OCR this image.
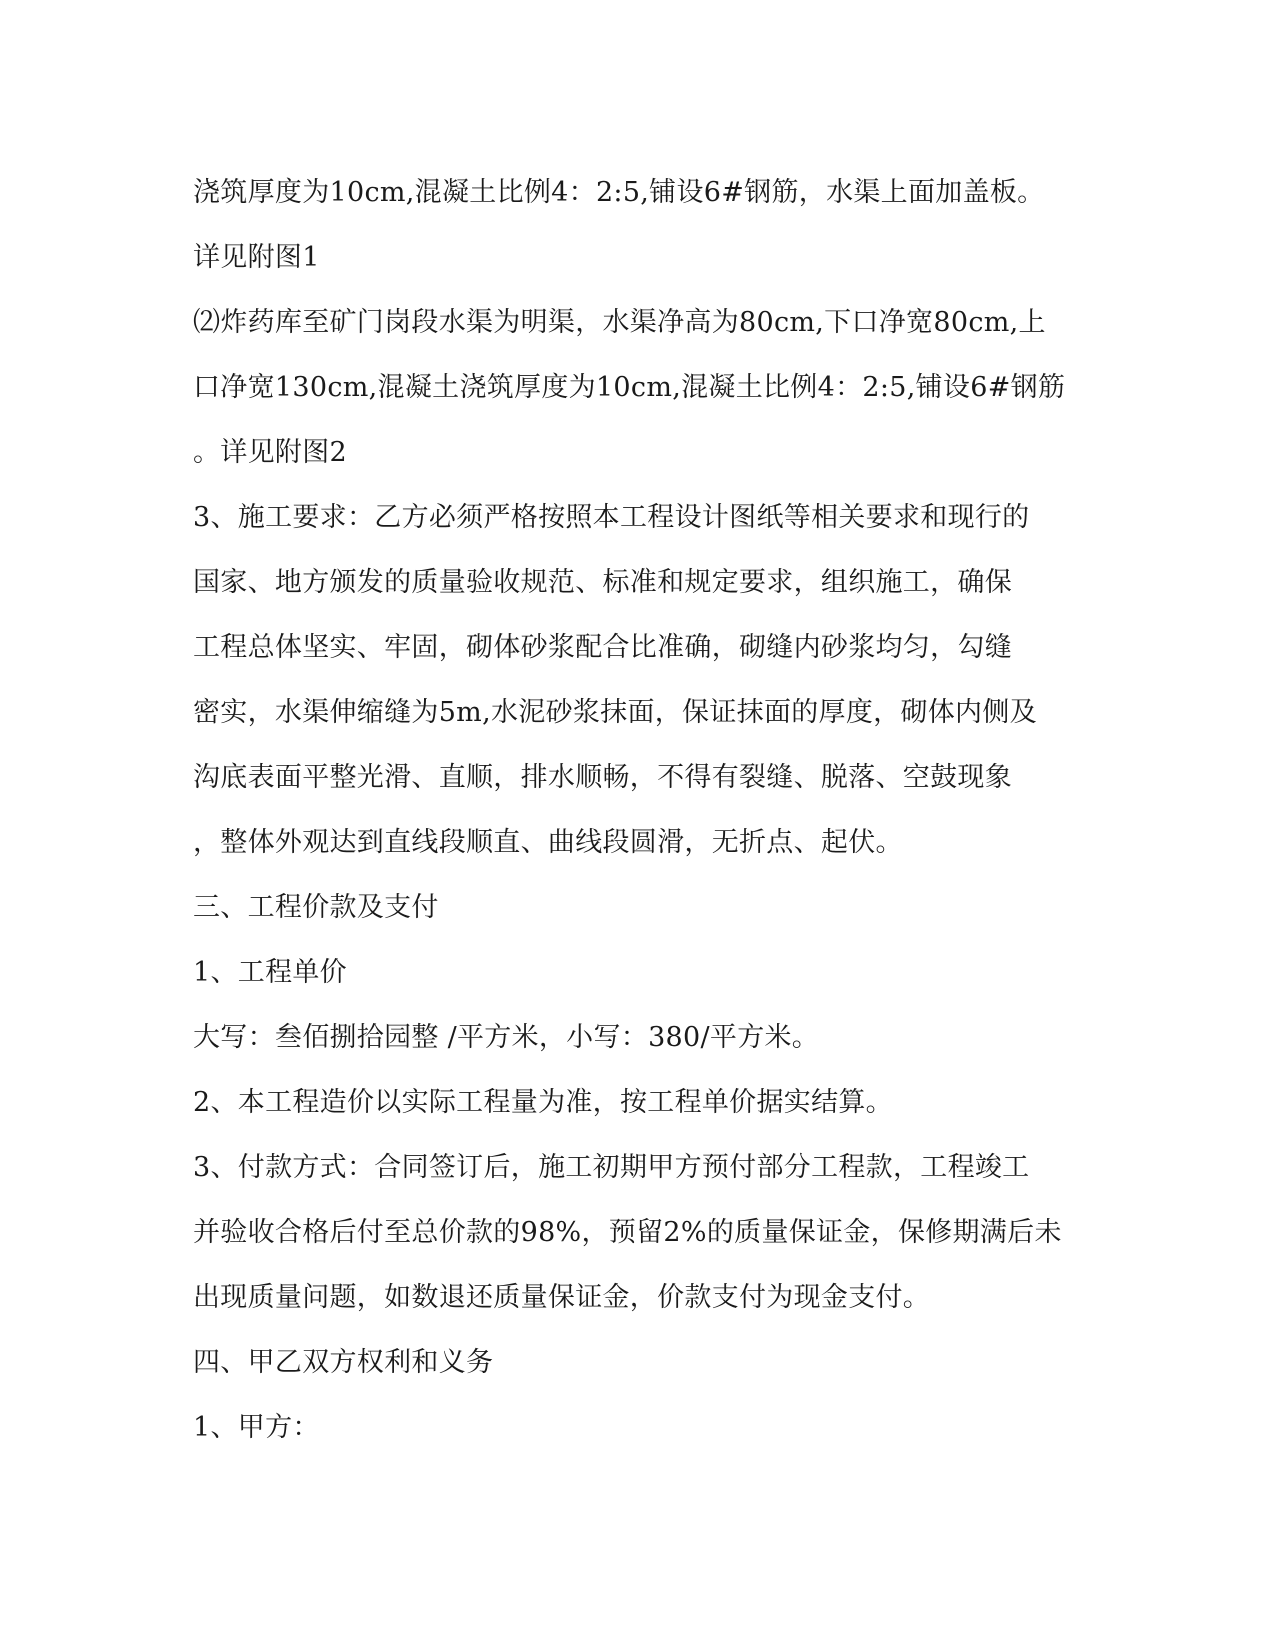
浇筑厚度为10cm,混凝土比例4：2:5,铺设6#钢筋，水渠上面加盖板。
详见附图1
⑵炸药库至矿门岗段水渠为明渠，水渠净高为80cm,下口净宽80cm,上
口净宽130cm,混凝土浇筑厚度为10cm,混凝土比例4：2:5,铺设6#钢筋
。详见附图2
3、施工要求：乙方必须严格按照本工程设计图纸等相关要求和现行的
国家、地方颁发的质量验收规范、标准和规定要求，组织施工，确保
工程总体坚实、牢固，砌体砂浆配合比准确，砌缝内砂浆均匀，勾缝
密实，水渠伸缩缝为5m,水泥砂浆抹面，保证抹面的厚度，砌体内侧及
沟底表面平整光滑、直顺，排水顺畅，不得有裂缝、脱落、空鼓现象
，整体外观达到直线段顺直、曲线段圆滑，无折点、起伏。
三、工程价款及支付
1、工程单价
大写：叁佰捌拾园整 /平方米，小写：380/平方米。
2、本工程造价以实际工程量为准，按工程单价据实结算。
3、付款方式：合同签订后，施工初期甲方预付部分工程款，工程竣工
并验收合格后付至总价款的98%，预留2%的质量保证金，保修期满后未
出现质量问题，如数退还质量保证金，价款支付为现金支付。
四、甲乙双方权利和义务
1、甲方：
